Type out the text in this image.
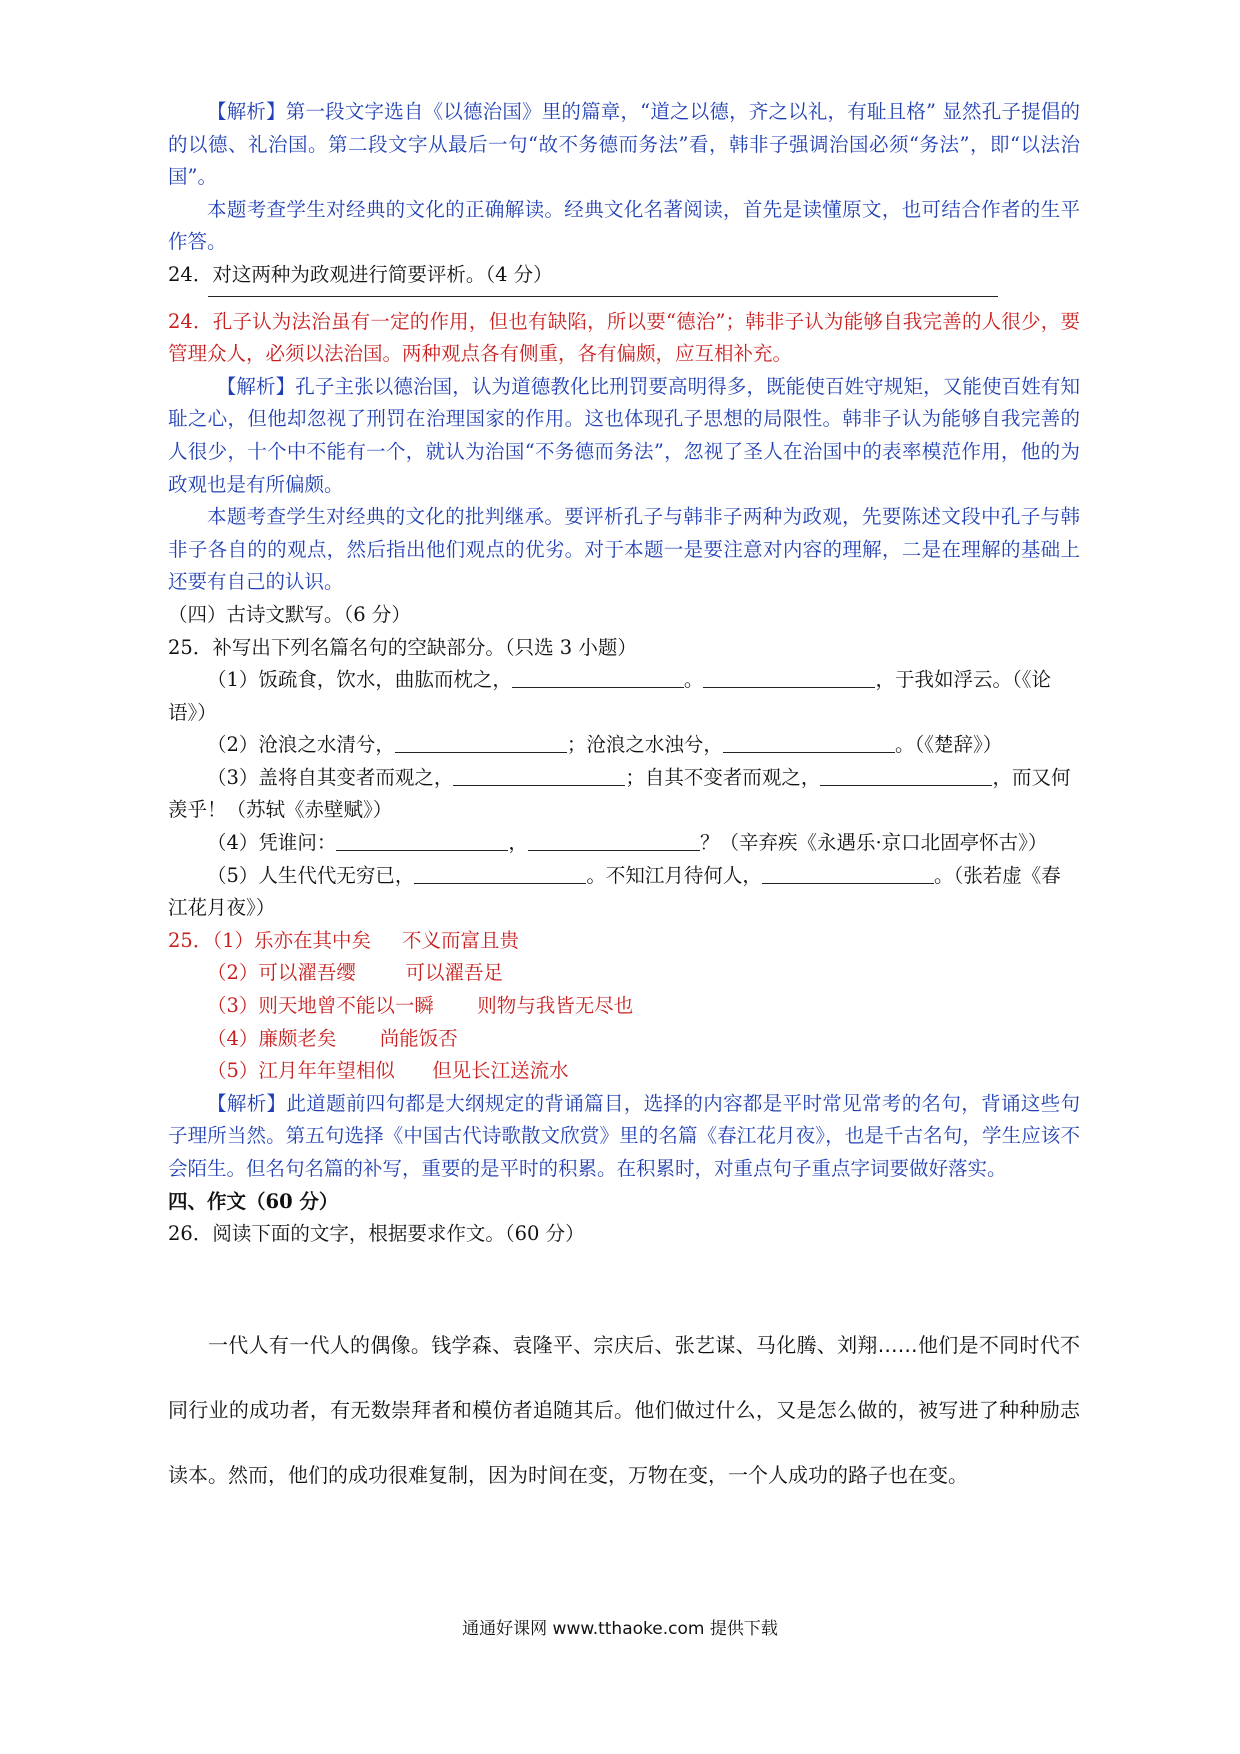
【解析】第一段文字选自《以德治国》里的篇章，“道之以德，齐之以礼，有耻且格” 显然孔子提倡的的以德、礼治国。第二段文字从最后一句“故不务德而务法”看，韩非子强调治国必须“务法”，即“以法治国”。

本题考查学生对经典的文化的正确解读。经典文化名著阅读，首先是读懂原文，也可结合作者的生平作答。

24．对这两种为政观进行简要评析。（4 分）

24．孔子认为法治虽有一定的作用，但也有缺陷，所以要“德治”；韩非子认为能够自我完善的人很少，要管理众人，必须以法治国。两种观点各有侧重，各有偏颇，应互相补充。

【解析】孔子主张以德治国，认为道德教化比刑罚要高明得多，既能使百姓守规矩，又能使百姓有知耻之心，但他却忽视了刑罚在治理国家的作用。这也体现孔子思想的局限性。韩非子认为能够自我完善的人很少，十个中不能有一个，就认为治国“不务德而务法”，忽视了圣人在治国中的表率模范作用，他的为政观也是有所偏颇。

本题考查学生对经典的文化的批判继承。要评析孔子与韩非子两种为政观，先要陈述文段中孔子与韩非子各自的的观点，然后指出他们观点的优劣。对于本题一是要注意对内容的理解，二是在理解的基础上还要有自己的认识。

（四）古诗文默写。（6 分）

25．补写出下列名篇名句的空缺部分。（只选 3 小题）

（1）饭疏食，饮水，曲肱而枕之，	。	，于我如浮云。（《论语》）

（2）沧浪之水清兮，	；沧浪之水浊兮，	。（《楚辞》）

（3）盖将自其变者而观之，	；自其不变者而观之，	，而又何羡乎！（苏轼《赤壁赋》）

（4）凭谁问：	，	？（辛弃疾《永遇乐·京口北固亭怀古》）

（5）人生代代无穷已，	。不知江月待何人，	。（张若虚《春江花月夜》）

25．（1）乐亦在其中矣     不义而富且贵

（2）可以濯吾缨        可以濯吾足

（3）则天地曾不能以一瞬       则物与我皆无尽也

（4）廉颇老矣       尚能饭否

（5）江月年年望相似      但见长江送流水

【解析】此道题前四句都是大纲规定的背诵篇目，选择的内容都是平时常见常考的名句，背诵这些句子理所当然。第五句选择《中国古代诗歌散文欣赏》里的名篇《春江花月夜》，也是千古名句，学生应该不会陌生。但名句名篇的补写，重要的是平时的积累。在积累时，对重点句子重点字词要做好落实。

四、作文（60 分）

26．阅读下面的文字，根据要求作文。（60 分）

一代人有一代人的偶像。钱学森、袁隆平、宗庆后、张艺谋、马化腾、刘翔……他们是不同时代不同行业的成功者，有无数崇拜者和模仿者追随其后。他们做过什么，又是怎么做的，被写进了种种励志读本。然而，他们的成功很难复制，因为时间在变，万物在变，一个人成功的路子也在变。

通通好课网 www.tthaoke.com 提供下载
